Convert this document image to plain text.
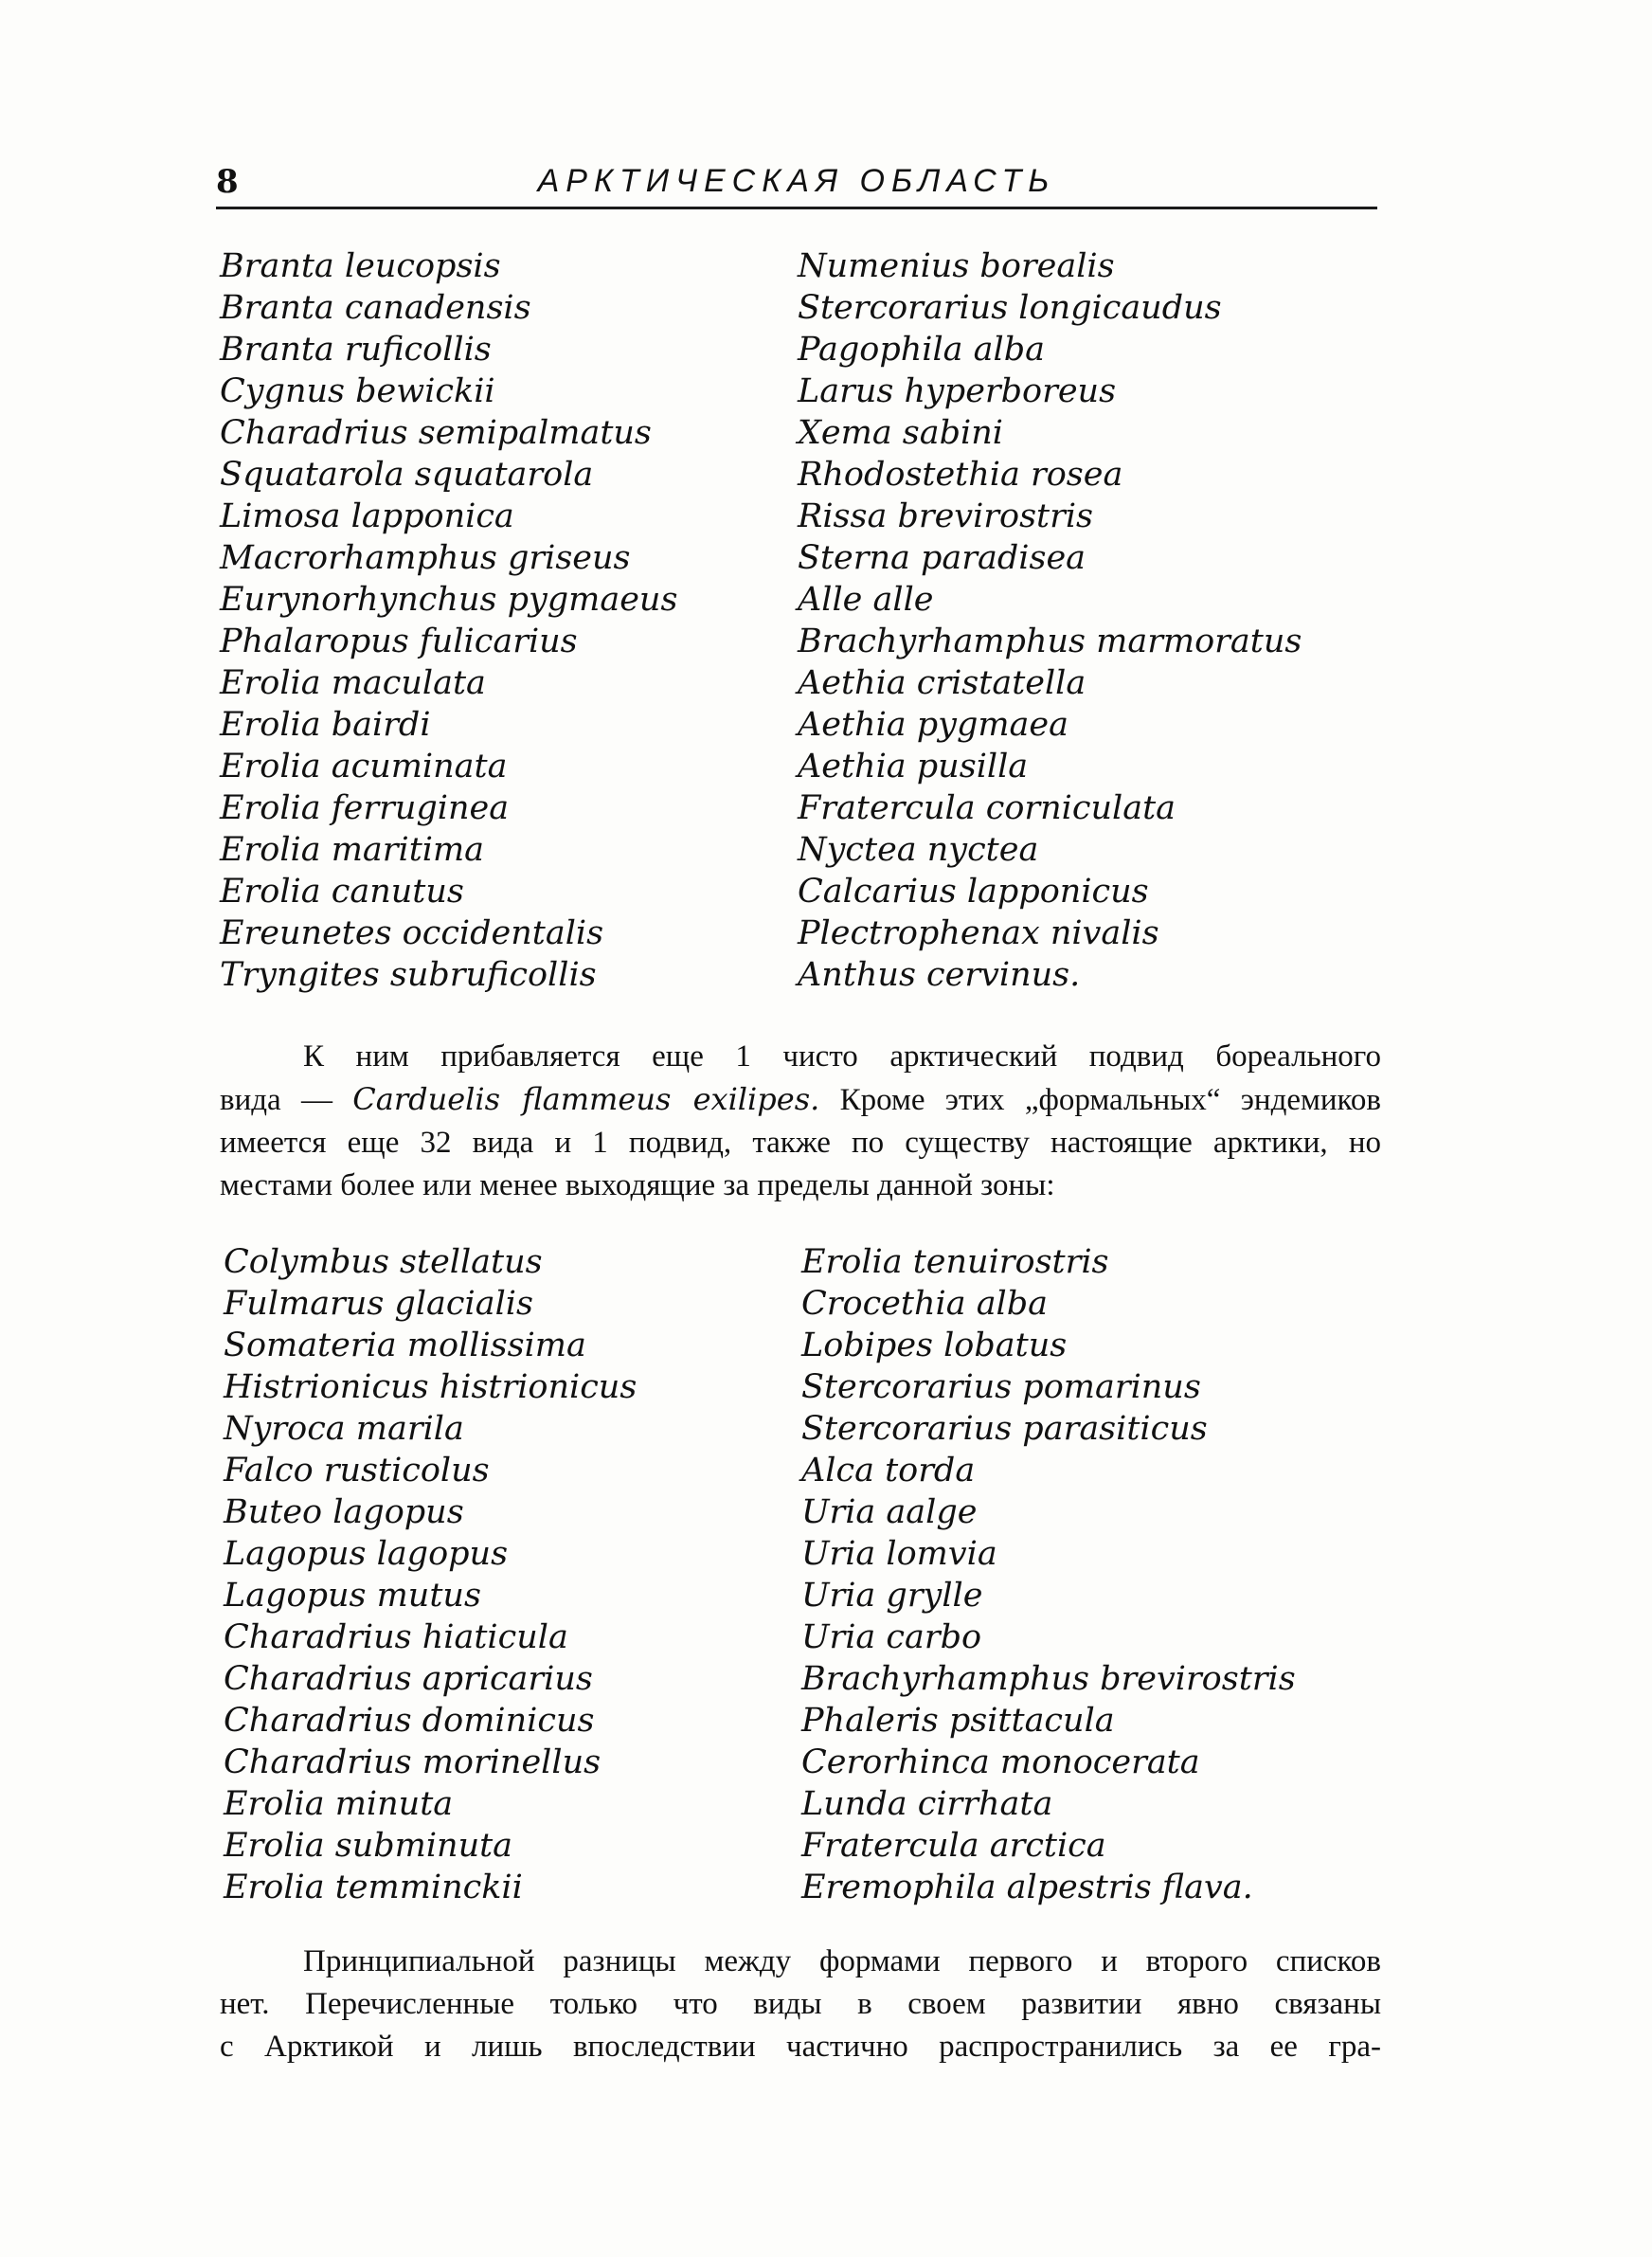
8	АРКТИЧЕСКАЯ ОБЛАСТЬ
Branta leucopsis
Branta canadensis
Branta ruficollis
Cygnus bewickii
Charadrius semipalmatus
Squatarola squatarola
Limosa lapponica
Macrorhamphus griseus
Eurynorhynchus pygmaeus
Phalaropus fulicarius
Erolia maculata
Erolia bairdi
Erolia acuminata
Erolia ferruginea
Erolia maritima
Erolia canutus
Ereunetes occidentalis
Tryngites subruficollis
Numenius borealis
Stercorarius longicaudus
Pagophila alba
Larus hyperboreus
Xema sabini
Rhodostethia rosea
Rissa brevirostris
Sterna paradisea
Alle alle
Brachyrhamphus marmoratus
Aethia cristatella
Aethia pygmaea
Aethia pusilla
Fratercula corniculata
Nyctea nyctea
Calcarius lapponicus
Plectrophenax nivalis
Anthus cervinus.

К ним прибавляется еще 1 чисто арктический подвид бореального
вида — Carduelis flammeus exilipes. Кроме этих „формальных“ эндемиков
имеется еще 32 вида и 1 подвид, также по существу настоящие арктики, но
местами более или менее выходящие за пределы данной зоны:

Colymbus stellatus
Fulmarus glacialis
Somateria mollissima
Histrionicus histrionicus
Nyroca marila
Falco rusticolus
Buteo lagopus
Lagopus lagopus
Lagopus mutus
Charadrius hiaticula
Charadrius apricarius
Charadrius dominicus
Charadrius morinellus
Erolia minuta
Erolia subminuta
Erolia temminckii
Erolia tenuirostris
Crocethia alba
Lobipes lobatus
Stercorarius pomarinus
Stercorarius parasiticus
Alca torda
Uria aalge
Uria lomvia
Uria grylle
Uria carbo
Brachyrhamphus brevirostris
Phaleris psittacula
Cerorhinca monocerata
Lunda cirrhata
Fratercula arctica
Eremophila alpestris flava.

Принципиальной разницы между формами первого и второго списков
нет. Перечисленные только что виды в своем развитии явно связаны
с Арктикой и лишь впоследствии частично распространились за ее гра-
